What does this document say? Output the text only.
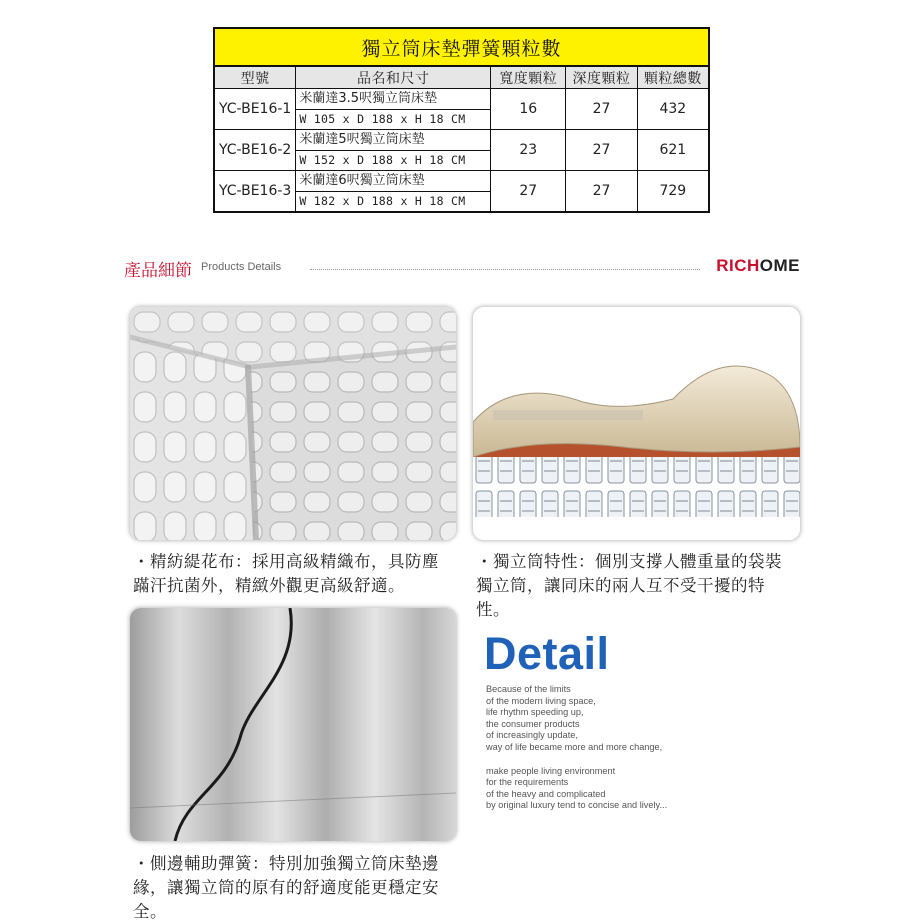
獨立筒床墊彈簧顆粒數				
型號	品名和尺寸	寬度顆粒	深度顆粒	顆粒總數
YC-BE16-1	米蘭達3.5呎獨立筒床墊
W 105 x D 188 x H 18 CM	16	27	432
YC-BE16-2	米蘭達5呎獨立筒床墊
W 152 x D 188 x H 18 CM	23	27	621
YC-BE16-3	米蘭達6呎獨立筒床墊
W 182 x D 188 x H 18 CM	27	27	729
產品細節 Products Details	RICHOME
・精紡緹花布：採用高級精織布，具防塵蹣汗抗菌外，精緻外觀更高級舒適。
・獨立筒特性：個別支撐人體重量的袋裝獨立筒，讓同床的兩人互不受干擾的特性。
・側邊輔助彈簧：特別加強獨立筒床墊邊緣，讓獨立筒的原有的舒適度能更穩定安全。
Detail
Because of the limits
of the modern living space,
life rhythm speeding up,
the consumer products
of increasingly update,
way of life became more and more change,
make people living environment
for the requirements
of the heavy and complicated
by original luxury tend to concise and lively...
